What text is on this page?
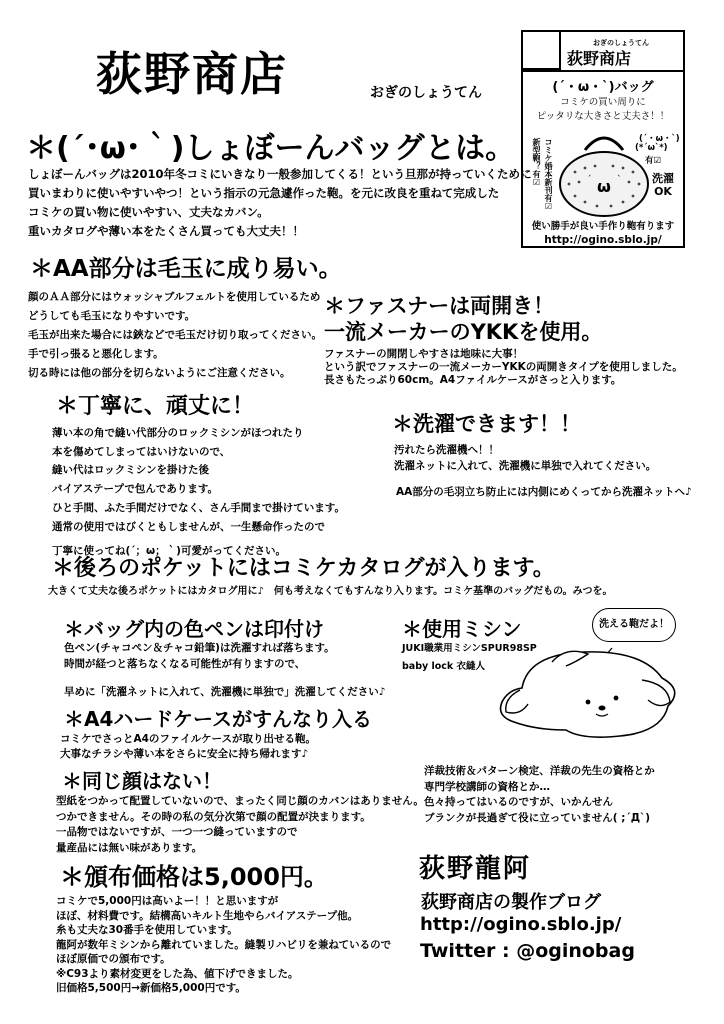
荻野商店	おぎのしょうてん
おぎのしょうてん
荻野商店
(´・ω・`)バッグ
コミケの買い周りに
ピッタリな大きさと丈夫さ！！
新型鞄？有☑ コミケ婚本新刊有☑	ω
´	`
(´・ω・`)
(*´ω`*)
有☑
洗濯OK
使い勝手が良い手作り鞄有ります
http://ogino.sblo.jp/
＊(´･ω･｀)しょぼーんバッグとは。
しょぼーんバッグは2010年冬コミにいきなり一般参加してくる！という旦那が持っていくために
買いまわりに使いやすいやつ！という指示の元急遽作った鞄。を元に改良を重ねて完成した
コミケの買い物に使いやすい、丈夫なカバン。
重いカタログや薄い本をたくさん買っても大丈夫！！
＊AA部分は毛玉に成り易い。
顔のＡＡ部分にはウォッシャブルフェルトを使用しているため
どうしても毛玉になりやすいです。
毛玉が出来た場合には鋏などで毛玉だけ切り取ってください。
手で引っ張ると悪化します。
切る時には他の部分を切らないようにご注意ください。
＊ファスナーは両開き！
一流メーカーのYKKを使用。
ファスナーの開閉しやすさは地味に大事！
という訳でファスナーの一流メーカーYKKの両開きタイプを使用しました。
長さもたっぷり60cm。A4ファイルケースがさっと入ります。
＊丁寧に、頑丈に！
薄い本の角で縫い代部分のロックミシンがほつれたり
本を傷めてしまってはいけないので、
縫い代はロックミシンを掛けた後
バイアステープで包んであります。
ひと手間、ふた手間だけでなく、さん手間まで掛けています。
通常の使用ではびくともしませんが、一生懸命作ったので
丁寧に使ってね(´；ω；｀)可愛がってください。
＊洗濯できます！！
汚れたら洗濯機へ！！
洗濯ネットに入れて、洗濯機に単独で入れてください。
AA部分の毛羽立ち防止には内側にめくってから洗濯ネットへ♪
＊後ろのポケットにはコミケカタログが入ります。
大きくて丈夫な後ろポケットにはカタログ用に♪　何も考えなくてもすんなり入ります。コミケ基準のバッグだもの。みつを。
＊バッグ内の色ペンは印付け
色ペン(チャコペン＆チャコ鉛筆)は洗濯すれば落ちます。
時間が経つと落ちなくなる可能性が有りますので、
早めに「洗濯ネットに入れて、洗濯機に単独で」洗濯してください♪
＊使用ミシン
JUKI職業用ミシンSPUR98SP
baby lock 衣縫人
洗える鞄だよ！
＊A4ハードケースがすんなり入る
コミケでさっとA4のファイルケースが取り出せる鞄。
大事なチラシや薄い本をさらに安全に持ち帰れます♪
＊同じ顔はない！
型紙をつかって配置していないので、まったく同じ顔のカバンはありません。
つかできません。その時の私の気分次第で顔の配置が決まります。
一品物ではないですが、一つ一つ縫っていますので
量産品には無い味があります。
洋裁技術＆パターン検定、洋裁の先生の資格とか
専門学校講師の資格とか…
色々持ってはいるのですが、いかんせん
ブランクが長過ぎて役に立っていません( ;´Д`)
＊頒布価格は5,000円。
コミケで5,000円は高いよー！！と思いますが
ほぼ、材料費です。結構高いキルト生地やらバイアステープ他。
糸も丈夫な30番手を使用しています。
龍阿が数年ミシンから離れていました。縫製リハビリを兼ねているので
ほぼ原価での頒布です。
※C93より素材変更をした為、値下げできました。
旧価格5,500円→新価格5,000円です。
荻野龍阿
荻野商店の製作ブログ
http://ogino.sblo.jp/
Twitter : @oginobag
